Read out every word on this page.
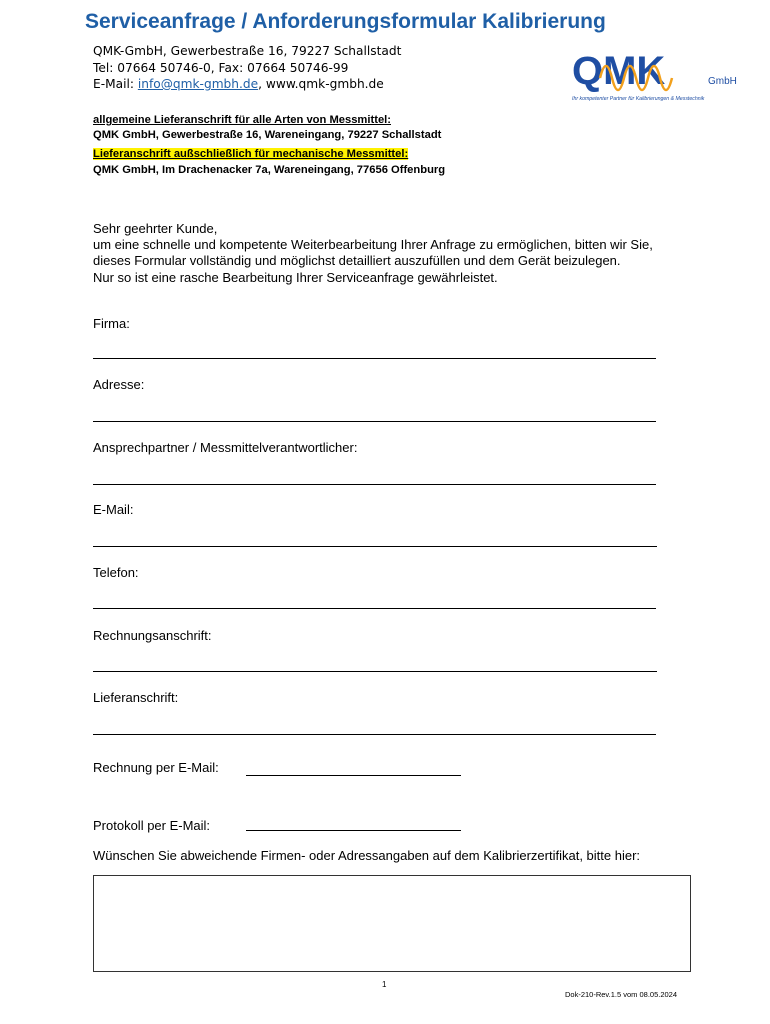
Serviceanfrage / Anforderungsformular Kalibrierung
QMK-GmbH, Gewerbestraße 16, 79227 Schallstadt
Tel: 07664 50746-0, Fax: 07664 50746-99
E-Mail: info@qmk-gmbh.de, www.qmk-gmbh.de	QMK	GmbH
Ihr kompetenter Partner für Kalibrierungen & Messtechnik
allgemeine Lieferanschrift für alle Arten von Messmittel:
QMK GmbH, Gewerbestraße 16, Wareneingang, 79227 Schallstadt
Lieferanschrift außschließlich für mechanische Messmittel:
QMK GmbH, Im Drachenacker 7a, Wareneingang, 77656 Offenburg
Sehr geehrter Kunde,
um eine schnelle und kompetente Weiterbearbeitung Ihrer Anfrage zu ermöglichen, bitten wir Sie,
dieses Formular vollständig und möglichst detailliert auszufüllen und dem Gerät beizulegen.
Nur so ist eine rasche Bearbeitung Ihrer Serviceanfrage gewährleistet.
Firma:
Adresse:
Ansprechpartner / Messmittelverantwortlicher:
E-Mail:
Telefon:
Rechnungsanschrift:
Lieferanschrift:
Rechnung per E-Mail:
Protokoll per E-Mail:
Wünschen Sie abweichende Firmen- oder Adressangaben auf dem Kalibrierzertifikat, bitte hier:
1
Dok-210-Rev.1.5 vom 08.05.2024
